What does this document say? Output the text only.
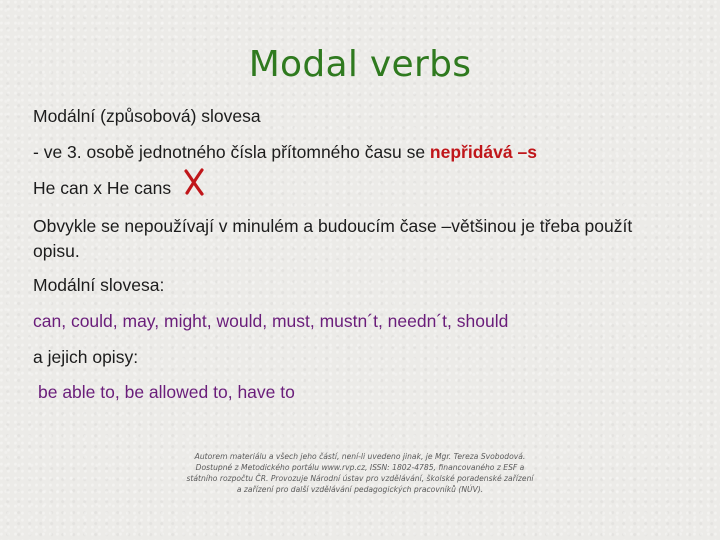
Modal verbs
Modální (způsobová) slovesa
- ve 3. osobě jednotného čísla přítomného času se nepřidává –s
He can x He cans
Obvykle se nepoužívají v minulém a budoucím čase –většinou je třeba použít opisu.
Modální slovesa:
can, could, may, might, would, must, mustn´t, needn´t, should
a jejich opisy:
be able to, be allowed to, have to
Autorem materiálu a všech jeho částí, není-li uvedeno jinak, je Mgr. Tereza Svobodová.
Dostupné z Metodického portálu www.rvp.cz, ISSN: 1802-4785, financovaného z ESF a
státního rozpočtu ČR. Provozuje Národní ústav pro vzdělávání, školské poradenské zařízení
a zařízení pro další vzdělávání pedagogických pracovníků (NÚV).
